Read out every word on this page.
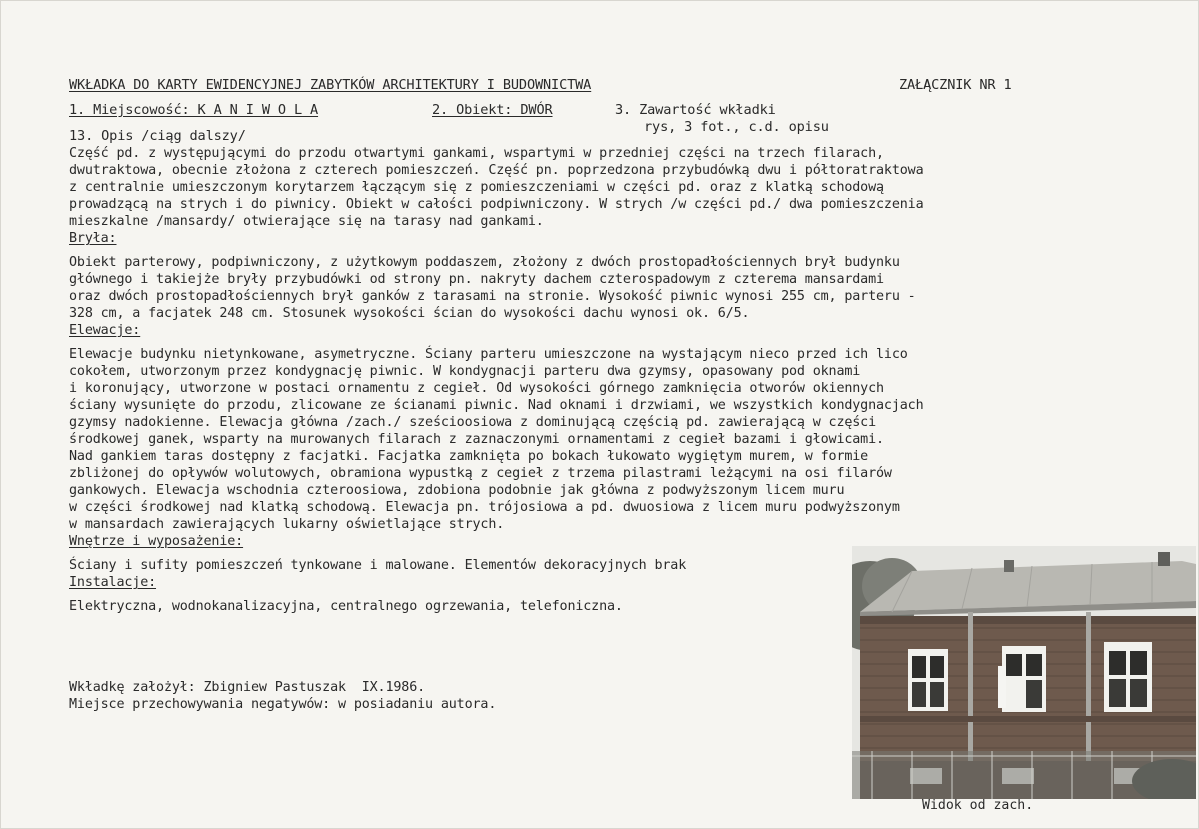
WKŁADKA DO KARTY EWIDENCYJNEJ ZABYTKÓW ARCHITEKTURY I BUDOWNICTWA	ZAŁĄCZNIK NR 1
1. Miejscowość: K A N I W O L A	2. Obiekt: DWÓR	3. Zawartość wkładki
rys, 3 fot., c.d. opisu
13. Opis /ciąg dalszy/
Część pd. z występującymi do przodu otwartymi gankami, wspartymi w przedniej części na trzech filarach,
dwutraktowa, obecnie złożona z czterech pomieszczeń. Część pn. poprzedzona przybudówką dwu i półtoratraktowa
z centralnie umieszczonym korytarzem łączącym się z pomieszczeniami w części pd. oraz z klatką schodową
prowadzącą na strych i do piwnicy. Obiekt w całości podpiwniczony. W strych /w części pd./ dwa pomieszczenia
mieszkalne /mansardy/ otwierające się na tarasy nad gankami.
Bryła:
Obiekt parterowy, podpiwniczony, z użytkowym poddaszem, złożony z dwóch prostopadłościennych brył budynku
głównego i takiejże bryły przybudówki od strony pn. nakryty dachem czterospadowym z czterema mansardami
oraz dwóch prostopadłościennych brył ganków z tarasami na stronie. Wysokość piwnic wynosi 255 cm, parteru -
328 cm, a facjatek 248 cm. Stosunek wysokości ścian do wysokości dachu wynosi ok. 6/5.
Elewacje:
Elewacje budynku nietynkowane, asymetryczne. Ściany parteru umieszczone na wystającym nieco przed ich lico
cokołem, utworzonym przez kondygnację piwnic. W kondygnacji parteru dwa gzymsy, opasowany pod oknami
i koronujący, utworzone w postaci ornamentu z cegieł. Od wysokości górnego zamknięcia otworów okiennych
ściany wysunięte do przodu, zlicowane ze ścianami piwnic. Nad oknami i drzwiami, we wszystkich kondygnacjach
gzymsy nadokienne. Elewacja główna /zach./ sześcioosiowa z dominującą częścią pd. zawierającą w części
środkowej ganek, wsparty na murowanych filarach z zaznaczonymi ornamentami z cegieł bazami i głowicami.
Nad gankiem taras dostępny z facjatki. Facjatka zamknięta po bokach łukowato wygiętym murem, w formie
zbliżonej do opływów wolutowych, obramiona wypustką z cegieł z trzema pilastrami leżącymi na osi filarów
gankowych. Elewacja wschodnia czteroosiowa, zdobiona podobnie jak główna z podwyższonym licem muru
w części środkowej nad klatką schodową. Elewacja pn. trójosiowa a pd. dwuosiowa z licem muru podwyższonym
w mansardach zawierających lukarny oświetlające strych.
Wnętrze i wyposażenie:
Ściany i sufity pomieszczeń tynkowane i malowane. Elementów dekoracyjnych brak
Instalacje:
Elektryczna, wodnokanalizacyjna, centralnego ogrzewania, telefoniczna.
Wkładkę założył: Zbigniew Pastuszak  IX.1986.
Miejsce przechowywania negatywów: w posiadaniu autora.
Widok od zach.
